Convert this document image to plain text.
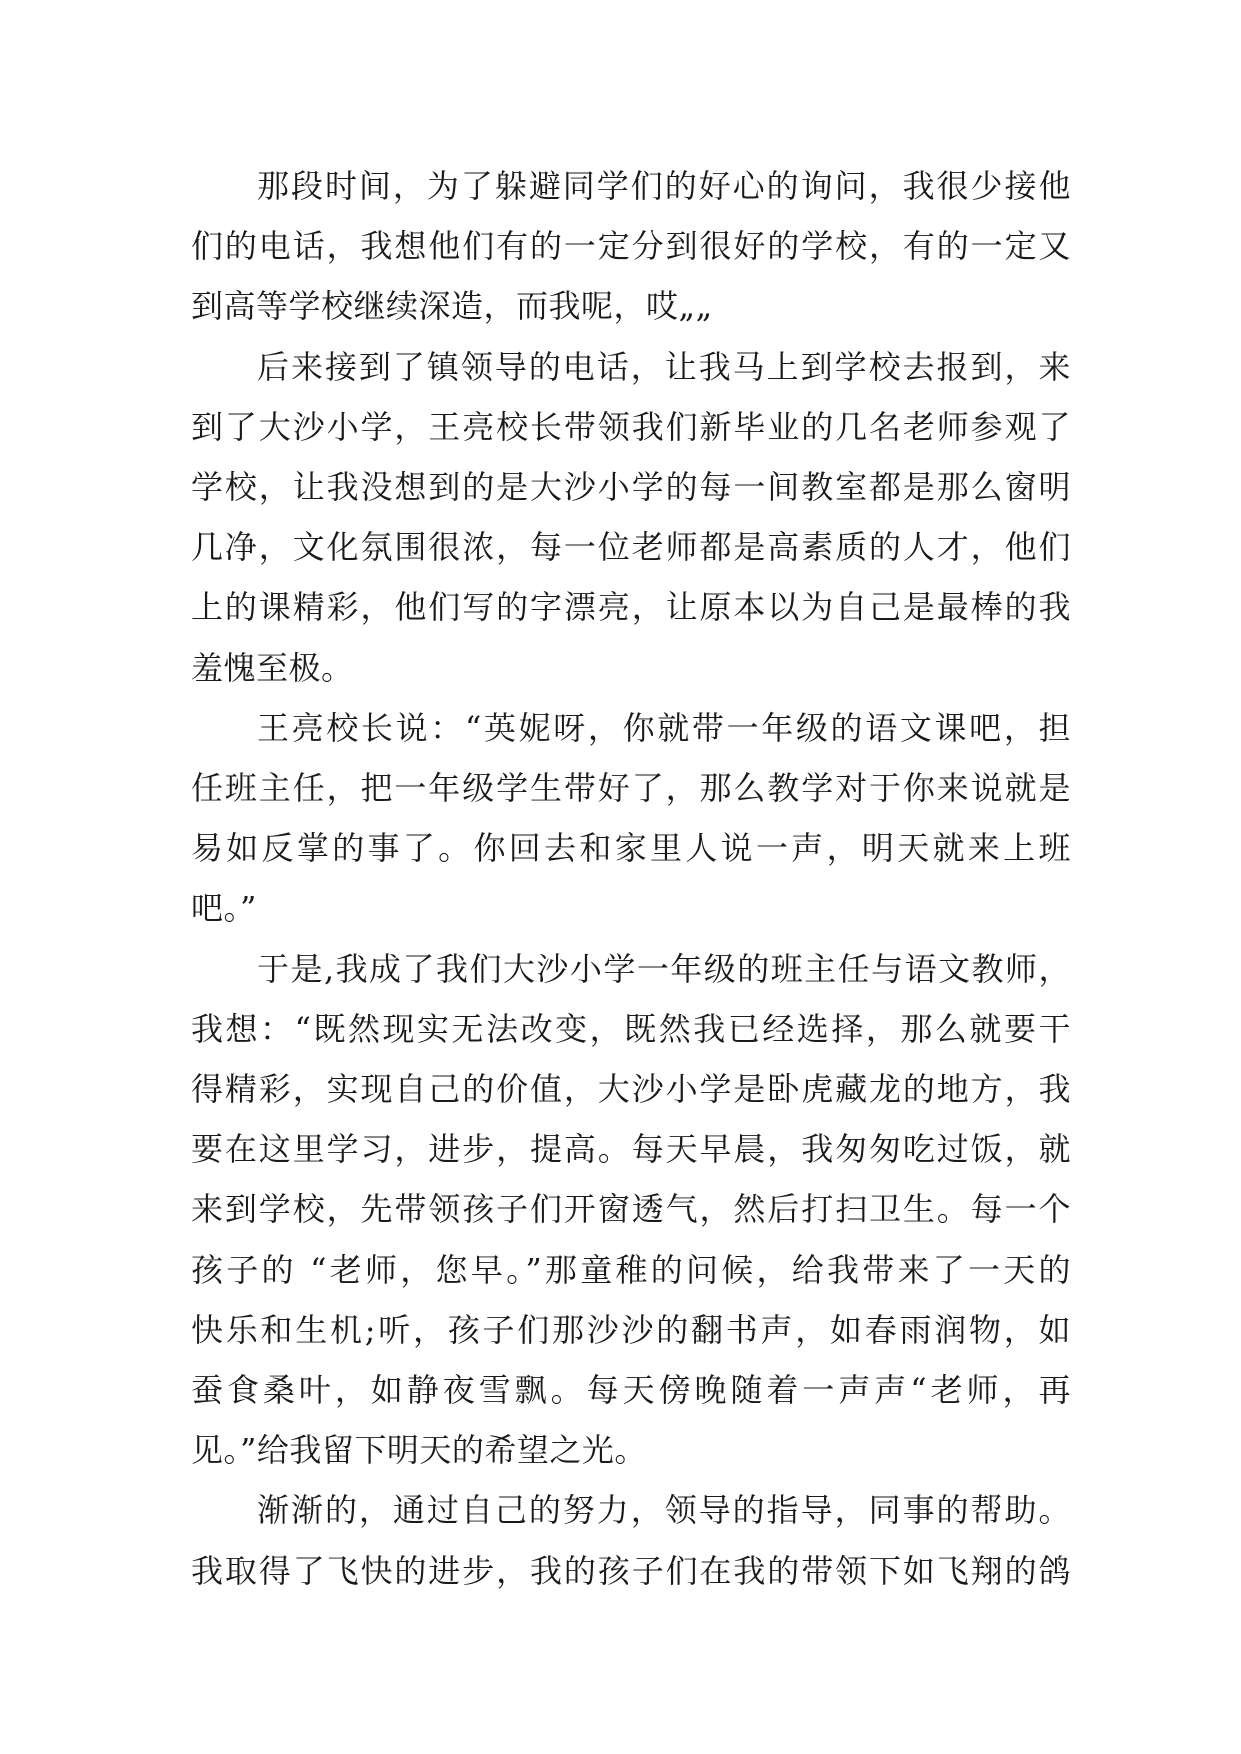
那段时间，为了躲避同学们的好心的询问，我很少接他
们的电话，我想他们有的一定分到很好的学校，有的一定又
到高等学校继续深造，而我呢，哎„„

后来接到了镇领导的电话，让我马上到学校去报到，来
到了大沙小学，王亮校长带领我们新毕业的几名老师参观了
学校，让我没想到的是大沙小学的每一间教室都是那么窗明
几净，文化氛围很浓，每一位老师都是高素质的人才，他们
上的课精彩，他们写的字漂亮，让原本以为自己是最棒的我
羞愧至极。

王亮校长说：“英妮呀，你就带一年级的语文课吧，担
任班主任，把一年级学生带好了，那么教学对于你来说就是
易如反掌的事了。你回去和家里人说一声，明天就来上班
吧。”

于是,我成了我们大沙小学一年级的班主任与语文教师，
我想：“既然现实无法改变，既然我已经选择，那么就要干
得精彩，实现自己的价值，大沙小学是卧虎藏龙的地方，我
要在这里学习，进步，提高。每天早晨，我匆匆吃过饭，就
来到学校，先带领孩子们开窗透气，然后打扫卫生。每一个
孩子的 “老师，您早。”那童稚的问候，给我带来了一天的
快乐和生机;听，孩子们那沙沙的翻书声，如春雨润物，如
蚕食桑叶，如静夜雪飘。每天傍晚随着一声声“老师，再
见。”给我留下明天的希望之光。

渐渐的，通过自己的努力，领导的指导，同事的帮助。
我取得了飞快的进步，我的孩子们在我的带领下如飞翔的鸽
